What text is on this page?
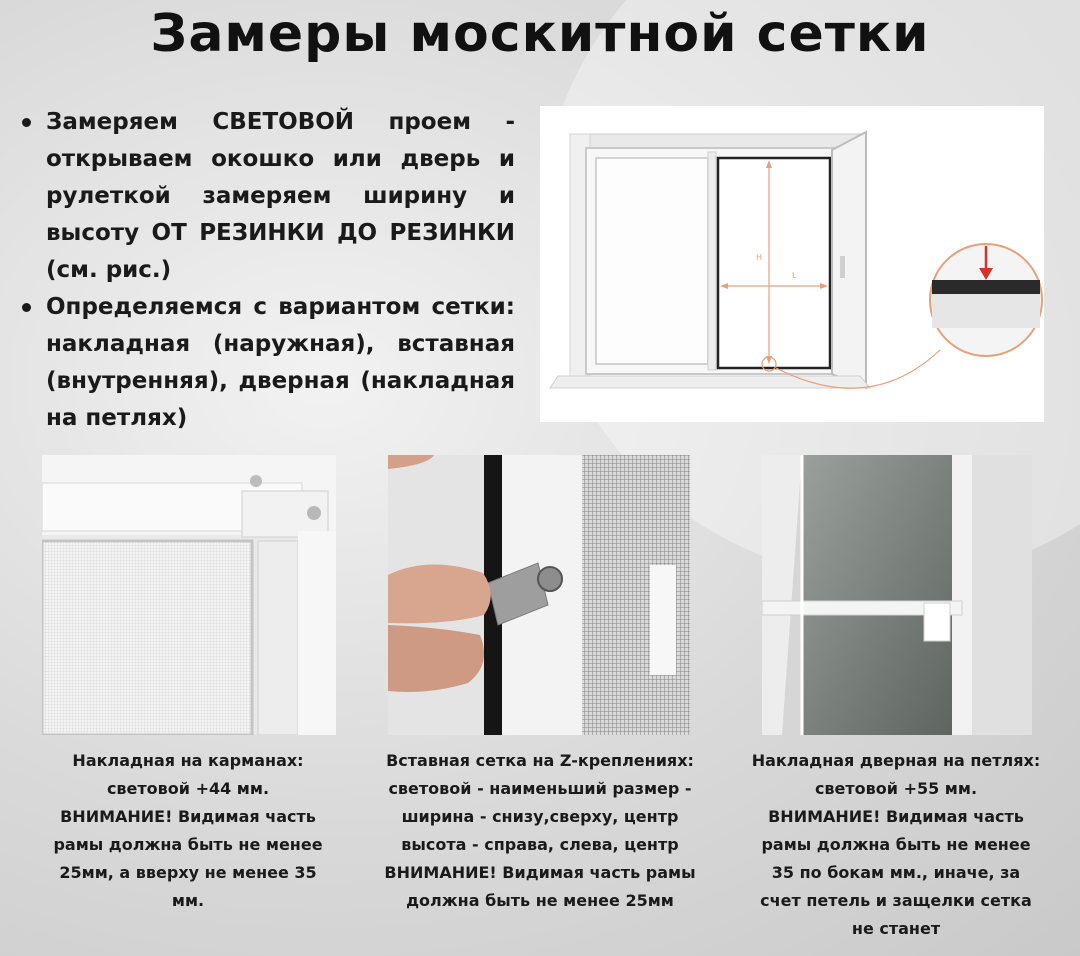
Замеры москитной сетки
Замеряем СВЕТОВОЙ проем - открываем окошко или дверь и рулеткой замеряем ширину и высоту ОТ РЕЗИНКИ ДО РЕЗИНКИ (см. рис.)
Определяемся с вариантом сетки: накладная (наружная), вставная (внутренняя), дверная (накладная на петлях)
H
L
Накладная на карманах:
световой +44 мм.
ВНИМАНИЕ! Видимая часть
рамы должна быть не менее
25мм, а вверху не менее 35
мм.
Вставная сетка на Z-креплениях:
световой - наименьший размер -
ширина - снизу,сверху, центр
высота - справа, слева, центр
ВНИМАНИЕ! Видимая часть рамы
должна быть не менее 25мм
Накладная дверная на петлях:
световой +55 мм.
ВНИМАНИЕ! Видимая часть
рамы должна быть не менее
35 по бокам мм., иначе, за
счет петель и защелки сетка
не станет
